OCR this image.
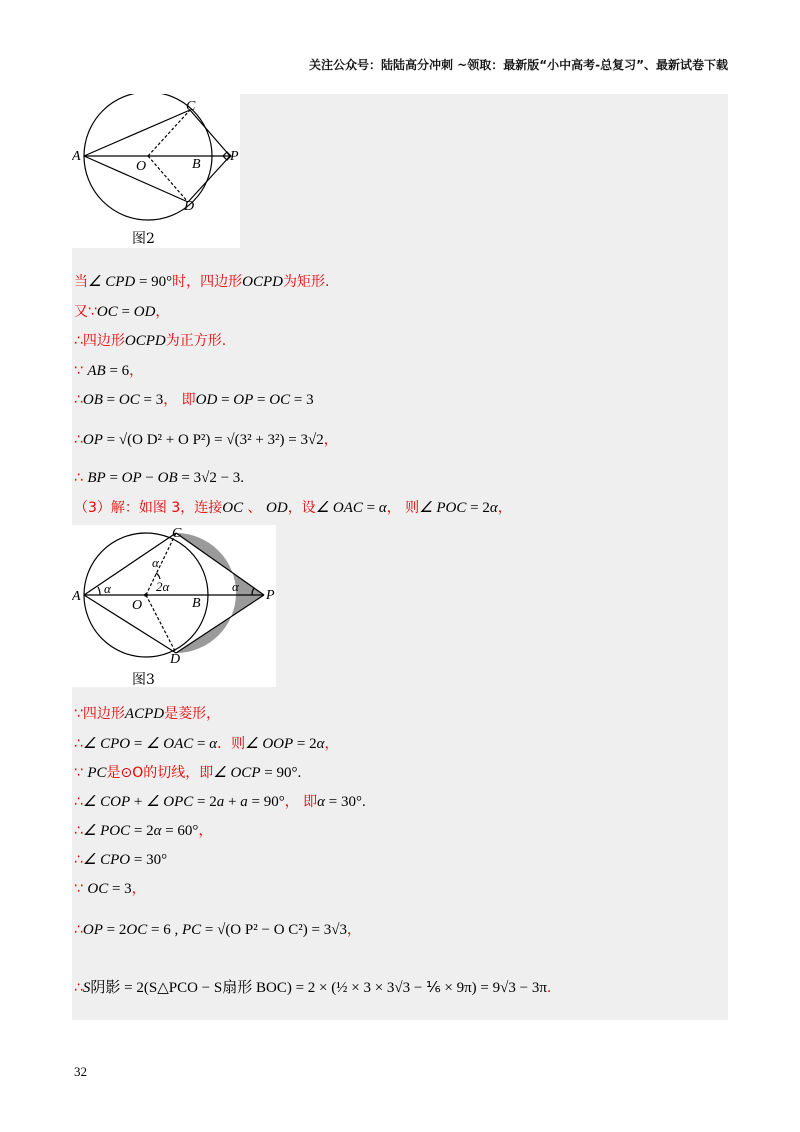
关注公众号：陆陆高分冲刺 ~领取：最新版“小中高考-总复习”、最新试卷下载
A
B
C
D
O
P
图2
当∠ CPD = 90°时，四边形OCPD为矩形.
又∵OC = OD，
∴四边形OCPD为正方形.
∵ AB = 6，
∴OB = OC = 3， 即OD = OP = OC = 3
∴OP = √(O D² + O P²) = √(3² + 3²) = 3√2，
∴ BP = OP − OB = 3√2 − 3.
（3）解：如图 3，连接OC 、 OD，设∠ OAC = α， 则∠ POC = 2α，
A	B
C
D
O
P
α
α
α
2α
图3
∵四边形ACPD是菱形，
∴∠ CPO = ∠ OAC = α．则∠ OOP = 2α，
∵ PC是⊙O的切线，即∠ OCP = 90°.
∴∠ COP + ∠ OPC = 2a + a = 90°， 即α = 30°.
∴∠ POC = 2α = 60°，
∴∠ CPO = 30°
∵ OC = 3，
∴OP = 2OC = 6 , PC = √(O P² − O C²) = 3√3，
∴S阴影 = 2(S△PCO − S扇形 BOC) = 2 × (½ × 3 × 3√3 − ⅙ × 9π) = 9√3 − 3π.
32
